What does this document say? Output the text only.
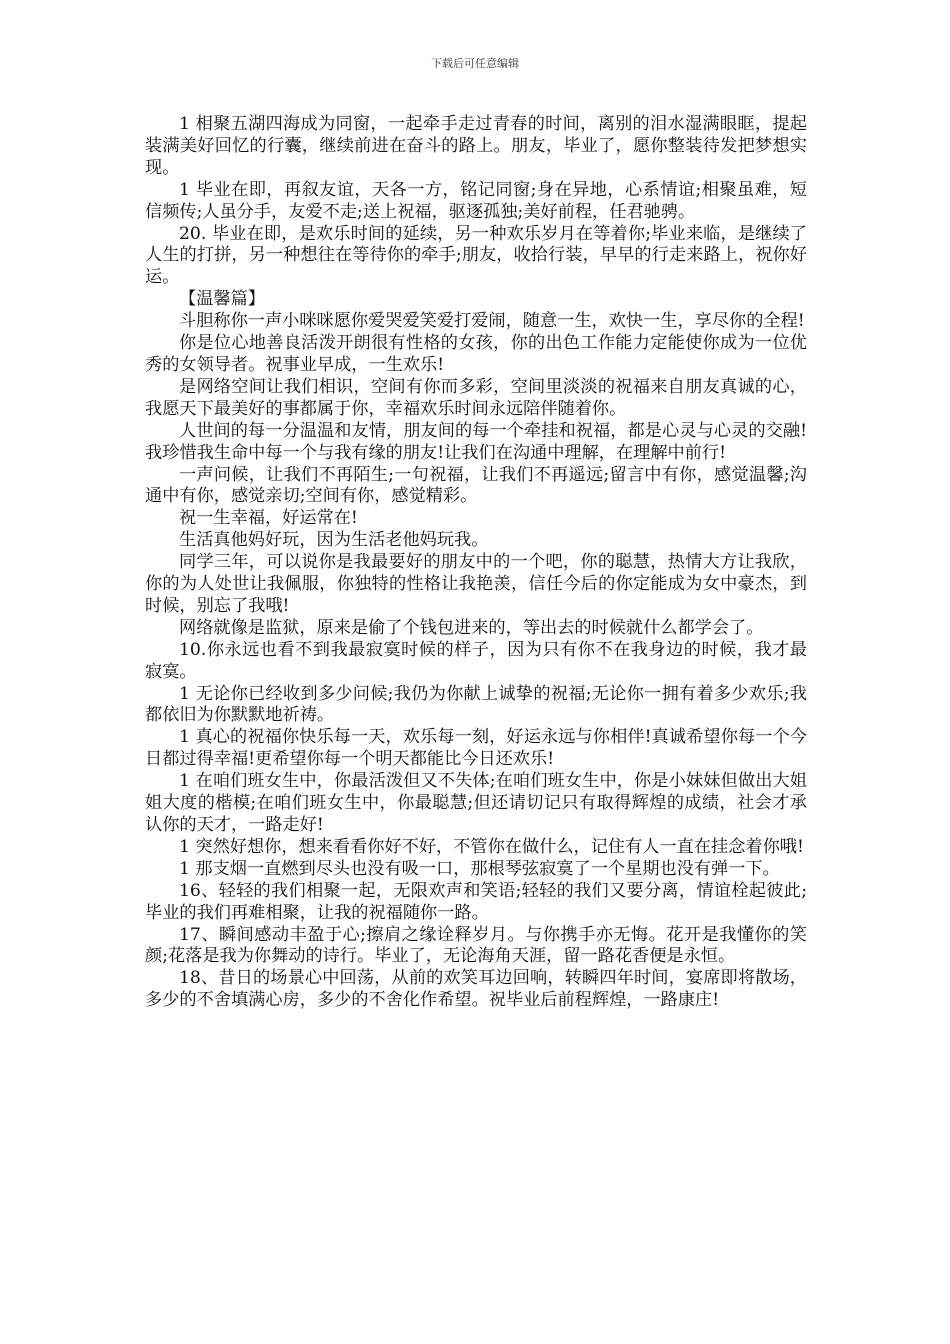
下载后可任意编辑

1 相聚五湖四海成为同窗，一起牵手走过青春的时间，离别的泪水湿满眼眶，提起装满美好回忆的行囊，继续前进在奋斗的路上。朋友，毕业了，愿你整装待发把梦想实现。

1 毕业在即，再叙友谊，天各一方，铭记同窗;身在异地，心系情谊;相聚虽难，短信频传;人虽分手，友爱不走;送上祝福，驱逐孤独;美好前程，任君驰骋。

20. 毕业在即，是欢乐时间的延续，另一种欢乐岁月在等着你;毕业来临，是继续了人生的打拼，另一种想往在等待你的牵手;朋友，收拾行装，早早的行走来路上，祝你好运。

【温馨篇】

斗胆称你一声小咪咪愿你爱哭爱笑爱打爱闹，随意一生，欢快一生，享尽你的全程!

你是位心地善良活泼开朗很有性格的女孩，你的出色工作能力定能使你成为一位优秀的女领导者。祝事业早成，一生欢乐!

是网络空间让我们相识，空间有你而多彩，空间里淡淡的祝福来自朋友真诚的心，我愿天下最美好的事都属于你，幸福欢乐时间永远陪伴随着你。

人世间的每一分温温和友情，朋友间的每一个牵挂和祝福，都是心灵与心灵的交融!我珍惜我生命中每一个与我有缘的朋友!让我们在沟通中理解，在理解中前行!

一声问候，让我们不再陌生;一句祝福，让我们不再遥远;留言中有你，感觉温馨;沟通中有你，感觉亲切;空间有你，感觉精彩。

祝一生幸福，好运常在!

生活真他妈好玩，因为生活老他妈玩我。

同学三年，可以说你是我最要好的朋友中的一个吧，你的聪慧，热情大方让我欣，你的为人处世让我佩服，你独特的性格让我艳羡，信任今后的你定能成为女中豪杰，到时候，别忘了我哦!

网络就像是监狱，原来是偷了个钱包进来的，等出去的时候就什么都学会了。

10.你永远也看不到我最寂寞时候的样子，因为只有你不在我身边的时候，我才最寂寞。

1 无论你已经收到多少问候;我仍为你献上诚挚的祝福;无论你一拥有着多少欢乐;我都依旧为你默默地祈祷。

1 真心的祝福你快乐每一天，欢乐每一刻，好运永远与你相伴!真诚希望你每一个今日都过得幸福!更希望你每一个明天都能比今日还欢乐!

1 在咱们班女生中，你最活泼但又不失体;在咱们班女生中，你是小妹妹但做出大姐姐大度的楷模;在咱们班女生中，你最聪慧;但还请切记只有取得辉煌的成绩，社会才承认你的天才，一路走好!

1 突然好想你，想来看看你好不好，不管你在做什么，记住有人一直在挂念着你哦!

1 那支烟一直燃到尽头也没有吸一口，那根琴弦寂寞了一个星期也没有弹一下。

16、轻轻的我们相聚一起，无限欢声和笑语;轻轻的我们又要分离，情谊栓起彼此;毕业的我们再难相聚，让我的祝福随你一路。

17、瞬间感动丰盈于心;擦肩之缘诠释岁月。与你携手亦无悔。花开是我懂你的笑颜;花落是我为你舞动的诗行。毕业了，无论海角天涯，留一路花香便是永恒。

18、昔日的场景心中回荡，从前的欢笑耳边回响，转瞬四年时间，宴席即将散场，多少的不舍填满心房，多少的不舍化作希望。祝毕业后前程辉煌，一路康庄!
